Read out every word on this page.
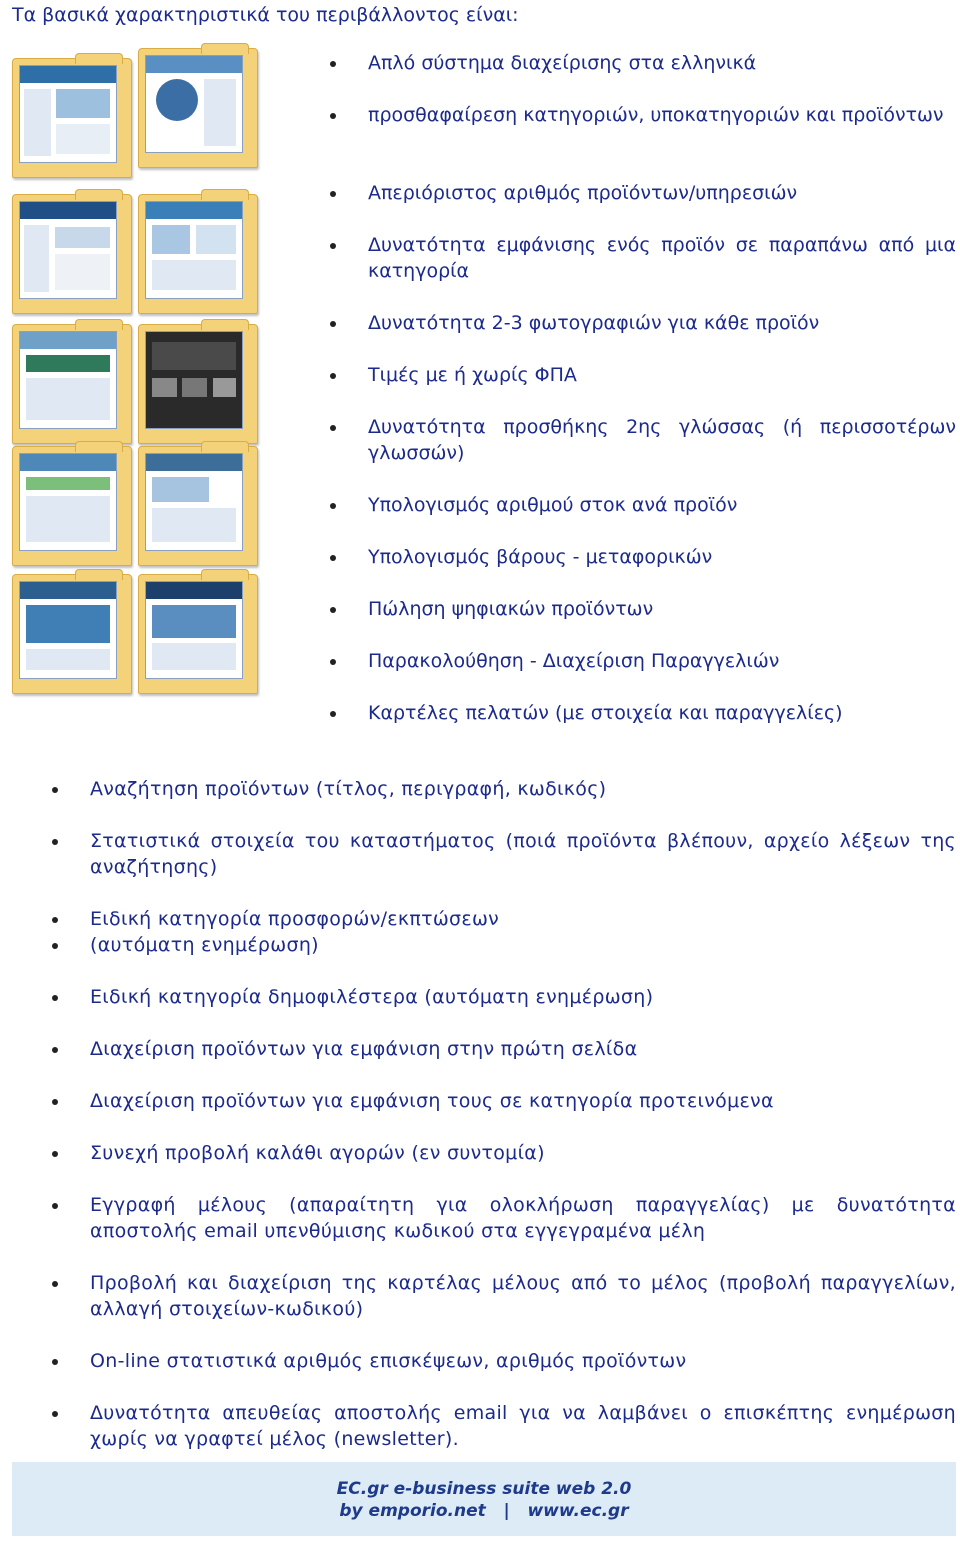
Τα βασικά χαρακτηριστικά του περιβάλλοντος είναι:
Απλό σύστημα διαχείρισης στα ελληνικά
προσθαφαίρεση κατηγοριών, υποκατηγοριών και προϊόντων
Απεριόριστος αριθμός προϊόντων/υπηρεσιών
Δυνατότητα εμφάνισης ενός προϊόν σε παραπάνω από μια κατηγορία
Δυνατότητα 2-3 φωτογραφιών για κάθε προϊόν
Τιμές με ή χωρίς ΦΠΑ
Δυνατότητα προσθήκης 2ης γλώσσας (ή περισσοτέρων γλωσσών)
Υπολογισμός αριθμού στοκ ανά προϊόν
Υπολογισμός βάρους - μεταφορικών
Πώληση ψηφιακών προϊόντων
Παρακολούθηση - Διαχείριση Παραγγελιών
Καρτέλες πελατών (με στοιχεία και παραγγελίες)
Αναζήτηση προϊόντων (τίτλος, περιγραφή, κωδικός)
Στατιστικά στοιχεία του καταστήματος (ποιά προϊόντα βλέπουν, αρχείο λέξεων της αναζήτησης)
Ειδική κατηγορία προσφορών/εκπτώσεων
(αυτόματη ενημέρωση)
Ειδική κατηγορία δημοφιλέστερα (αυτόματη ενημέρωση)
Διαχείριση προϊόντων για εμφάνιση στην πρώτη σελίδα
Διαχείριση προϊόντων για εμφάνιση τους σε κατηγορία προτεινόμενα
Συνεχή προβολή καλάθι αγορών (εν συντομία)
Εγγραφή μέλους (απαραίτητη για ολοκλήρωση παραγγελίας) με δυνατότητα αποστολής email υπενθύμισης κωδικού στα εγγεγραμένα μέλη
Προβολή και διαχείριση της καρτέλας μέλους από το μέλος (προβολή παραγγελίων, αλλαγή στοιχείων-κωδικού)
On-line στατιστικά αριθμός επισκέψεων, αριθμός προϊόντων
Δυνατότητα απευθείας αποστολής email για να λαμβάνει ο επισκέπτης ενημέρωση χωρίς να γραφτεί μέλος (newsletter).
EC.gr e-business suite web 2.0
by emporio.net   |   www.ec.gr
